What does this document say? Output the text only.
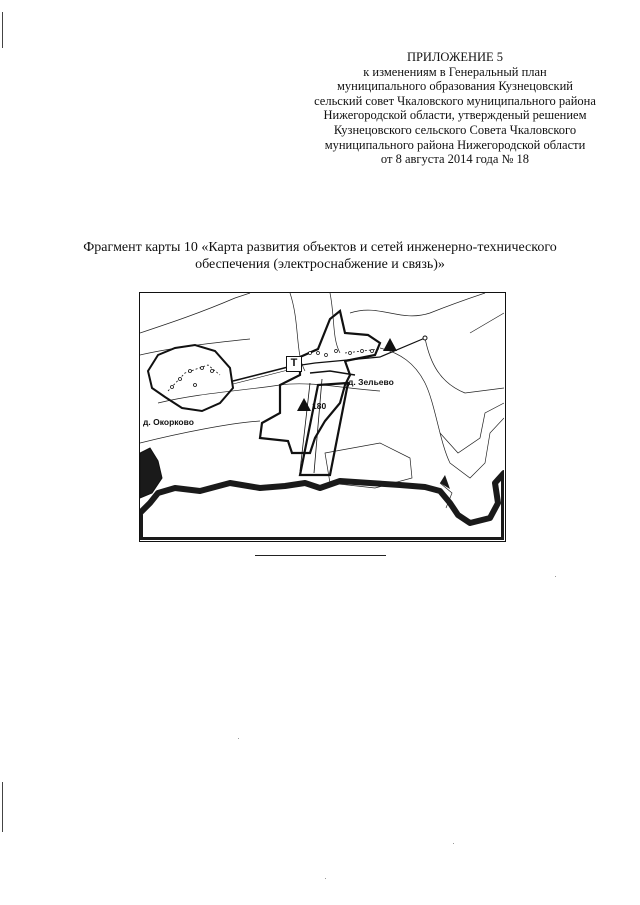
ПРИЛОЖЕНИЕ 5
к изменениям в Генеральный план
муниципального образования Кузнецовский
сельский совет Чкаловского муниципального района
Нижегородской области, утвержденый решением
Кузнецовского сельского Совета Чкаловского
муниципального района Нижегородской области
от 8 августа 2014 года № 18
Фрагмент карты 10 «Карта развития объектов и сетей инженерно-технического
обеспечения (электроснабжение и связь)»
Т
д. Окорково
д. Зельево
180
